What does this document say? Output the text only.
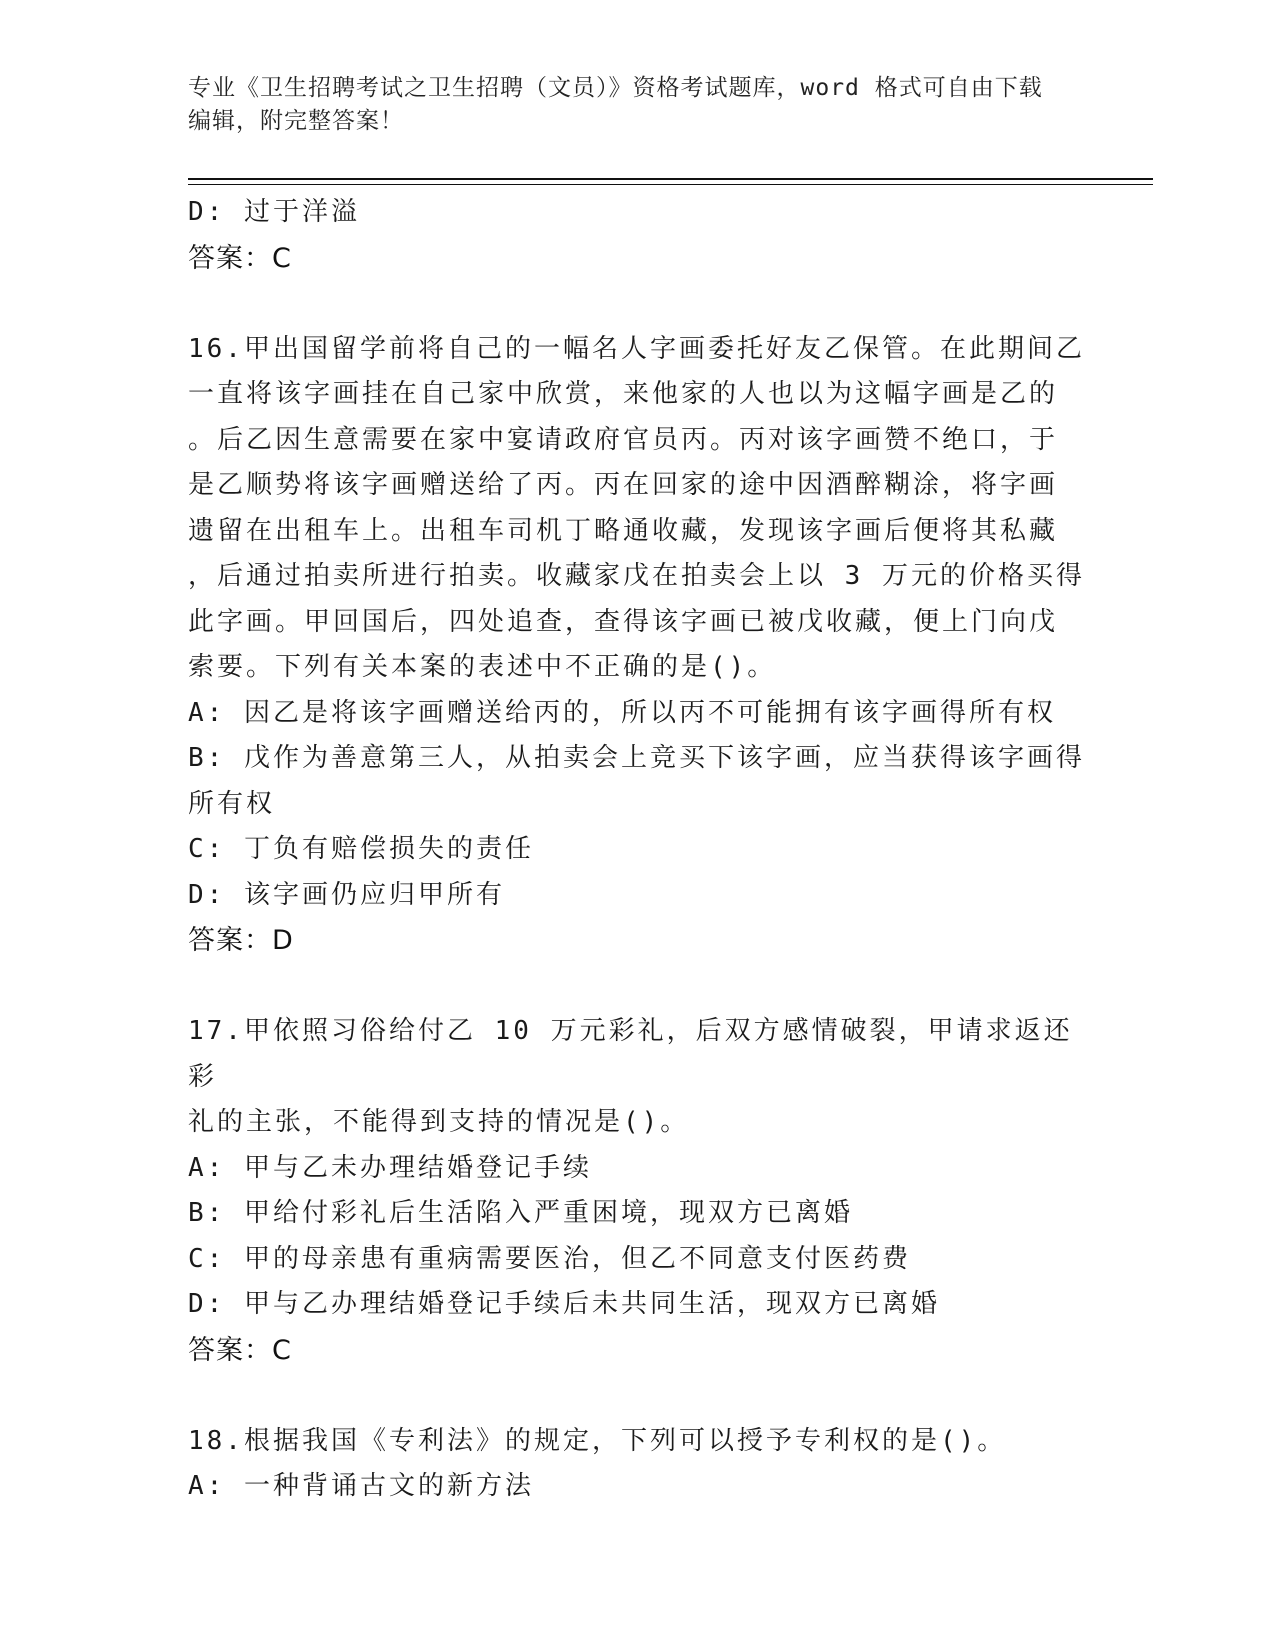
专业《卫生招聘考试之卫生招聘（文员）》资格考试题库，word 格式可自由下载
编辑，附完整答案！
D: 过于洋溢
答案：C
16.甲出国留学前将自己的一幅名人字画委托好友乙保管。在此期间乙
一直将该字画挂在自己家中欣赏，来他家的人也以为这幅字画是乙的
。后乙因生意需要在家中宴请政府官员丙。丙对该字画赞不绝口，于
是乙顺势将该字画赠送给了丙。丙在回家的途中因酒醉糊涂，将字画
遗留在出租车上。出租车司机丁略通收藏，发现该字画后便将其私藏
，后通过拍卖所进行拍卖。收藏家戊在拍卖会上以 3 万元的价格买得
此字画。甲回国后，四处追查，查得该字画已被戊收藏，便上门向戊
索要。下列有关本案的表述中不正确的是()。
A: 因乙是将该字画赠送给丙的，所以丙不可能拥有该字画得所有权
B: 戊作为善意第三人，从拍卖会上竞买下该字画，应当获得该字画得
所有权
C: 丁负有赔偿损失的责任
D: 该字画仍应归甲所有
答案：D
17.甲依照习俗给付乙 10 万元彩礼，后双方感情破裂，甲请求返还彩
礼的主张，不能得到支持的情况是()。
A: 甲与乙未办理结婚登记手续
B: 甲给付彩礼后生活陷入严重困境，现双方已离婚
C: 甲的母亲患有重病需要医治，但乙不同意支付医药费
D: 甲与乙办理结婚登记手续后未共同生活，现双方已离婚
答案：C
18.根据我国《专利法》的规定，下列可以授予专利权的是()。
A: 一种背诵古文的新方法
